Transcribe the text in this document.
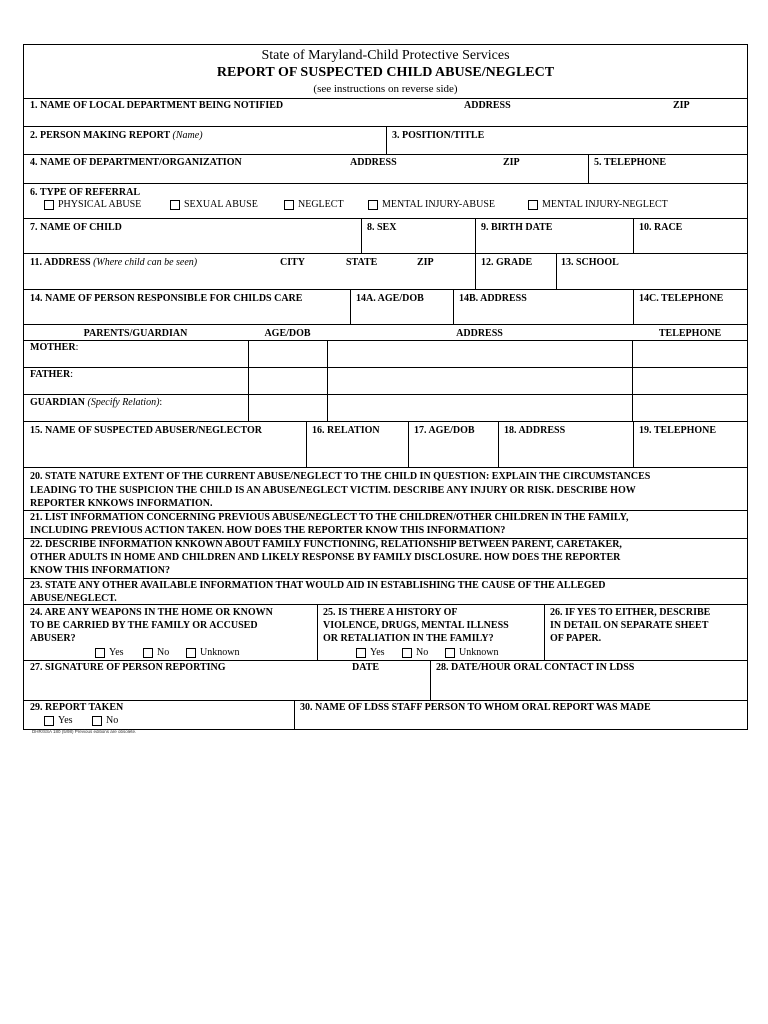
State of Maryland-Child Protective Services
REPORT OF SUSPECTED CHILD ABUSE/NEGLECT
(see instructions on reverse side)
1. NAME OF LOCAL DEPARTMENT BEING NOTIFIED	ADDRESS	ZIP
2. PERSON MAKING REPORT (Name)	3. POSITION/TITLE
4. NAME OF DEPARTMENT/ORGANIZATION	ADDRESS	ZIP	5. TELEPHONE
6. TYPE OF REFERRAL
PHYSICAL ABUSE	SEXUAL ABUSE	NEGLECT	MENTAL INJURY-ABUSE	MENTAL INJURY-NEGLECT
7. NAME OF CHILD	8. SEX	9. BIRTH DATE	10. RACE
11. ADDRESS (Where child can be seen)	CITY	STATE	ZIP	12. GRADE	13. SCHOOL
14. NAME OF PERSON RESPONSIBLE FOR CHILDS CARE	14A. AGE/DOB	14B. ADDRESS	14C. TELEPHONE
PARENTS/GUARDIAN	AGE/DOB	ADDRESS	TELEPHONE
MOTHER:
FATHER:
GUARDIAN (Specify Relation):
15. NAME OF SUSPECTED ABUSER/NEGLECTOR	16. RELATION	17. AGE/DOB	18. ADDRESS	19. TELEPHONE
20. STATE NATURE EXTENT OF THE CURRENT ABUSE/NEGLECT TO THE CHILD IN QUESTION: EXPLAIN THE CIRCUMSTANCES
LEADING TO THE SUSPICION THE CHILD IS AN ABUSE/NEGLECT VICTIM. DESCRIBE ANY INJURY OR RISK. DESCRIBE HOW
REPORTER KNKOWS INFORMATION.
21. LIST INFORMATION CONCERNING PREVIOUS ABUSE/NEGLECT TO THE CHILDREN/OTHER CHILDREN IN THE FAMILY,
INCLUDING PREVIOUS ACTION TAKEN. HOW DOES THE REPORTER KNOW THIS INFORMATION?
22. DESCRIBE INFORMATION KNKOWN ABOUT FAMILY FUNCTIONING, RELATIONSHIP BETWEEN PARENT, CARETAKER,
OTHER ADULTS IN HOME AND CHILDREN AND LIKELY RESPONSE BY FAMILY DISCLOSURE. HOW DOES THE REPORTER
KNOW THIS INFORMATION?
23. STATE ANY OTHER AVAILABLE INFORMATION THAT WOULD AID IN ESTABLISHING THE CAUSE OF THE ALLEGED
ABUSE/NEGLECT.
24. ARE ANY WEAPONS IN THE HOME OR KNOWN
TO BE CARRIED BY THE FAMILY OR ACCUSED
ABUSER?
Yes	No	Unknown
25. IS THERE A HISTORY OF
VIOLENCE, DRUGS, MENTAL ILLNESS
OR RETALIATION IN THE FAMILY?
Yes	No	Unknown
26. IF YES TO EITHER, DESCRIBE
IN DETAIL ON SEPARATE SHEET
OF PAPER.
27. SIGNATURE OF PERSON REPORTING	DATE	28. DATE/HOUR ORAL CONTACT IN LDSS
29. REPORT TAKEN
Yes	No
30. NAME OF LDSS STAFF PERSON TO WHOM ORAL REPORT WAS MADE
DHR/SSA 180 (5/98) Previous editions are obsolete.
